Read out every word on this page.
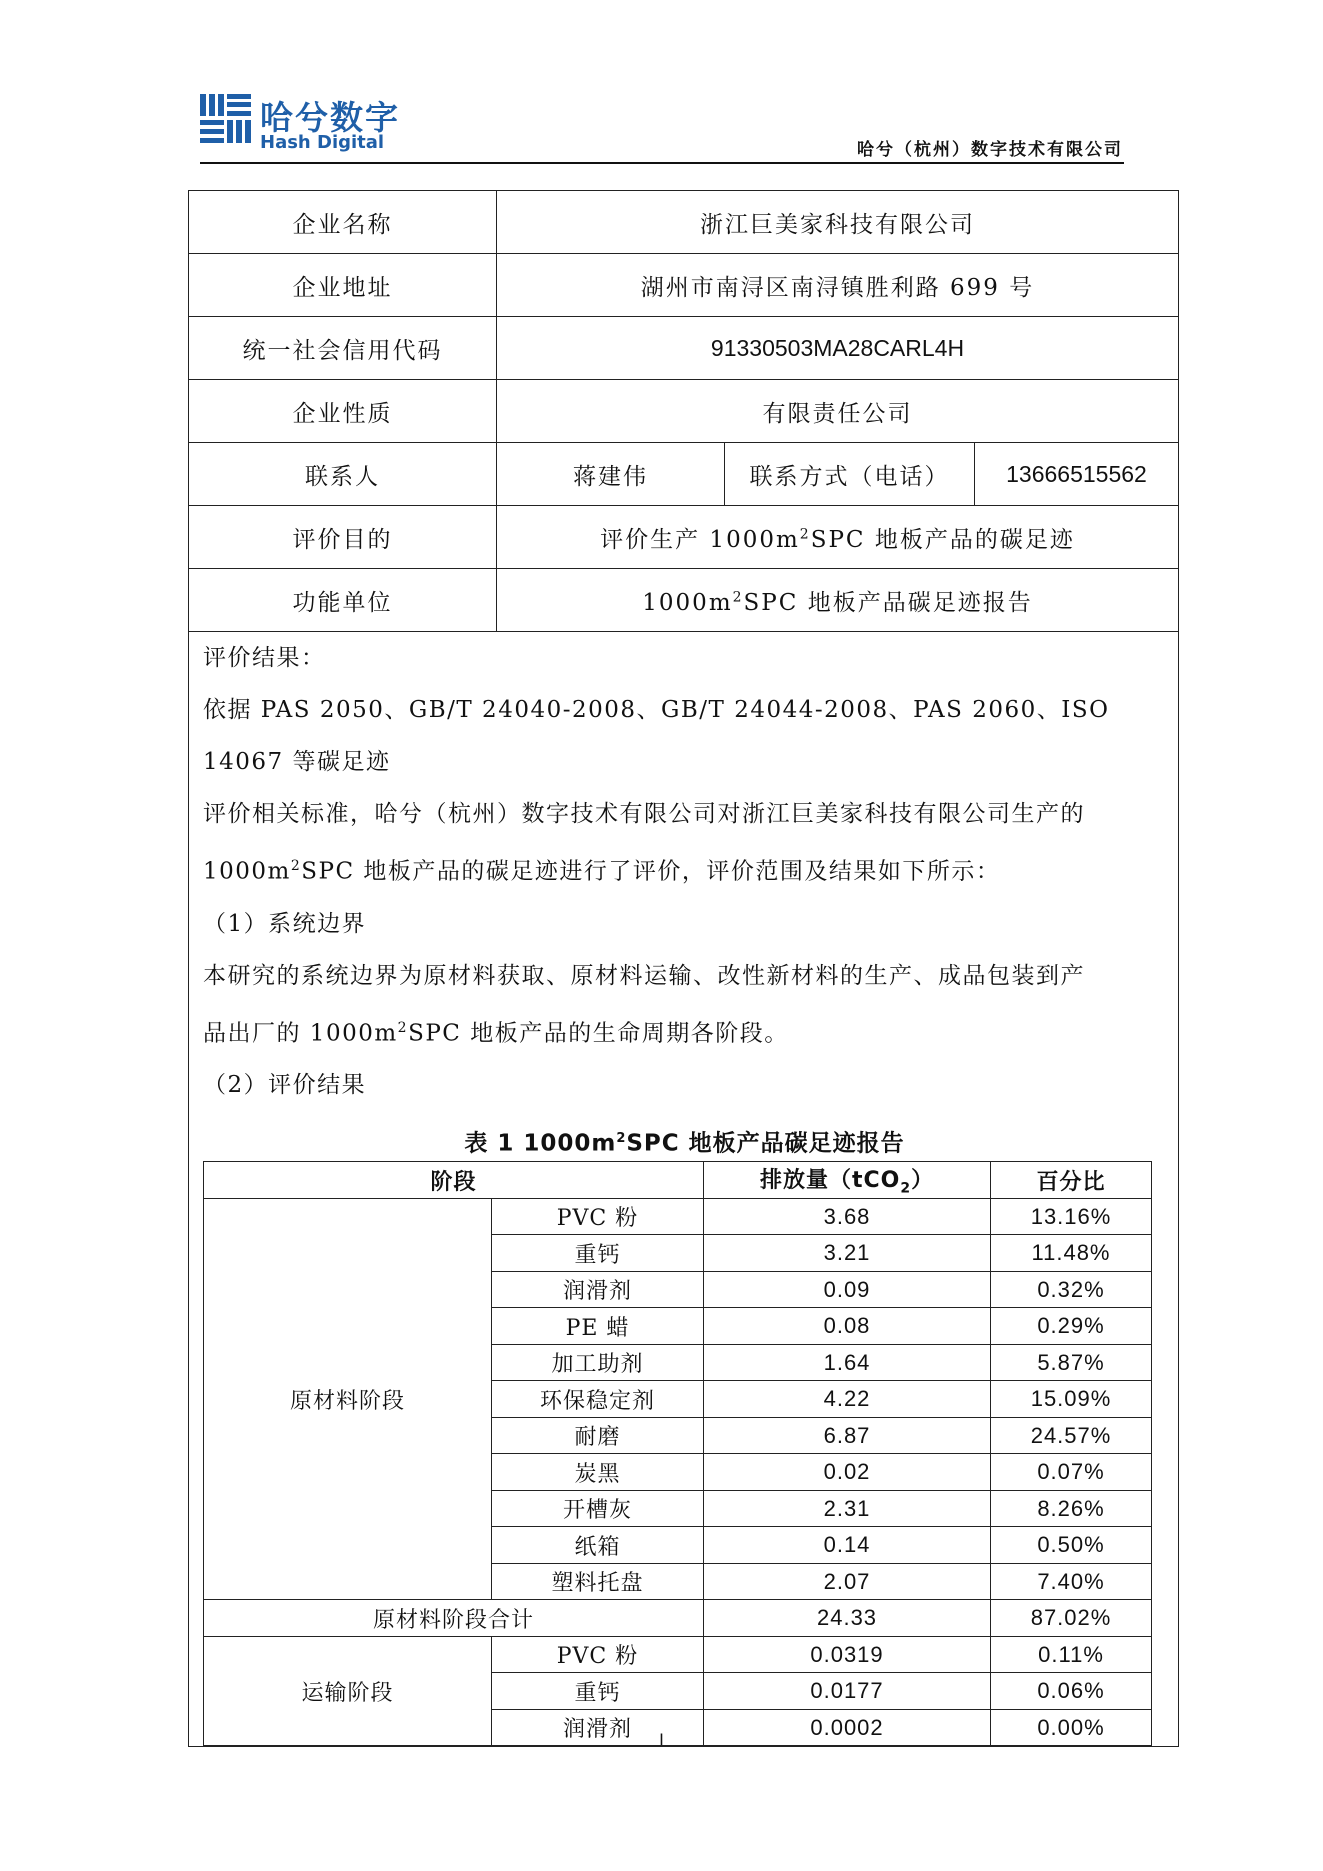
哈兮数字
Hash Digital	哈兮（杭州）数字技术有限公司
企业名称	浙江巨美家科技有限公司
企业地址	湖州市南浔区南浔镇胜利路 699 号
统一社会信用代码	91330503MA28CARL4H
企业性质	有限责任公司
联系人	蒋建伟	联系方式（电话）	13666515562
评价目的	评价生产 $1000m^2SPC$ 地板产品的碳足迹
功能单位	$1000m^2SPC$ 地板产品碳足迹报告

评价结果：
依据 PAS 2050、GB/T 24040-2008、GB/T 24044-2008、PAS 2060、ISO 14067 等碳足迹
评价相关标准，哈兮（杭州）数字技术有限公司对浙江巨美家科技有限公司生产的
$1000m^2SPC$ 地板产品的碳足迹进行了评价，评价范围及结果如下所示：
（1）系统边界
本研究的系统边界为原材料获取、原材料运输、改性新材料的生产、成品包装到产
品出厂的 $1000m^2SPC$ 地板产品的生命周期各阶段。
（2）评价结果
表 1 $1000m^2SPC$ 地板产品碳足迹报告
阶段	排放量（tCO$_2$）	百分比
原材料阶段	PVC 粉	3.68	13.16%
重钙	3.21	11.48%
润滑剂	0.09	0.32%
PE 蜡	0.08	0.29%
加工助剂	1.64	5.87%
环保稳定剂	4.22	15.09%
耐磨	6.87	24.57%
炭黑	0.02	0.07%
开槽灰	2.31	8.26%
纸箱	0.14	0.50%
塑料托盘	2.07	7.40%
原材料阶段合计	24.33	87.02%
运输阶段	PVC 粉	0.0319	0.11%
重钙	0.0177	0.06%
润滑剂	0.0002	0.00%
I
